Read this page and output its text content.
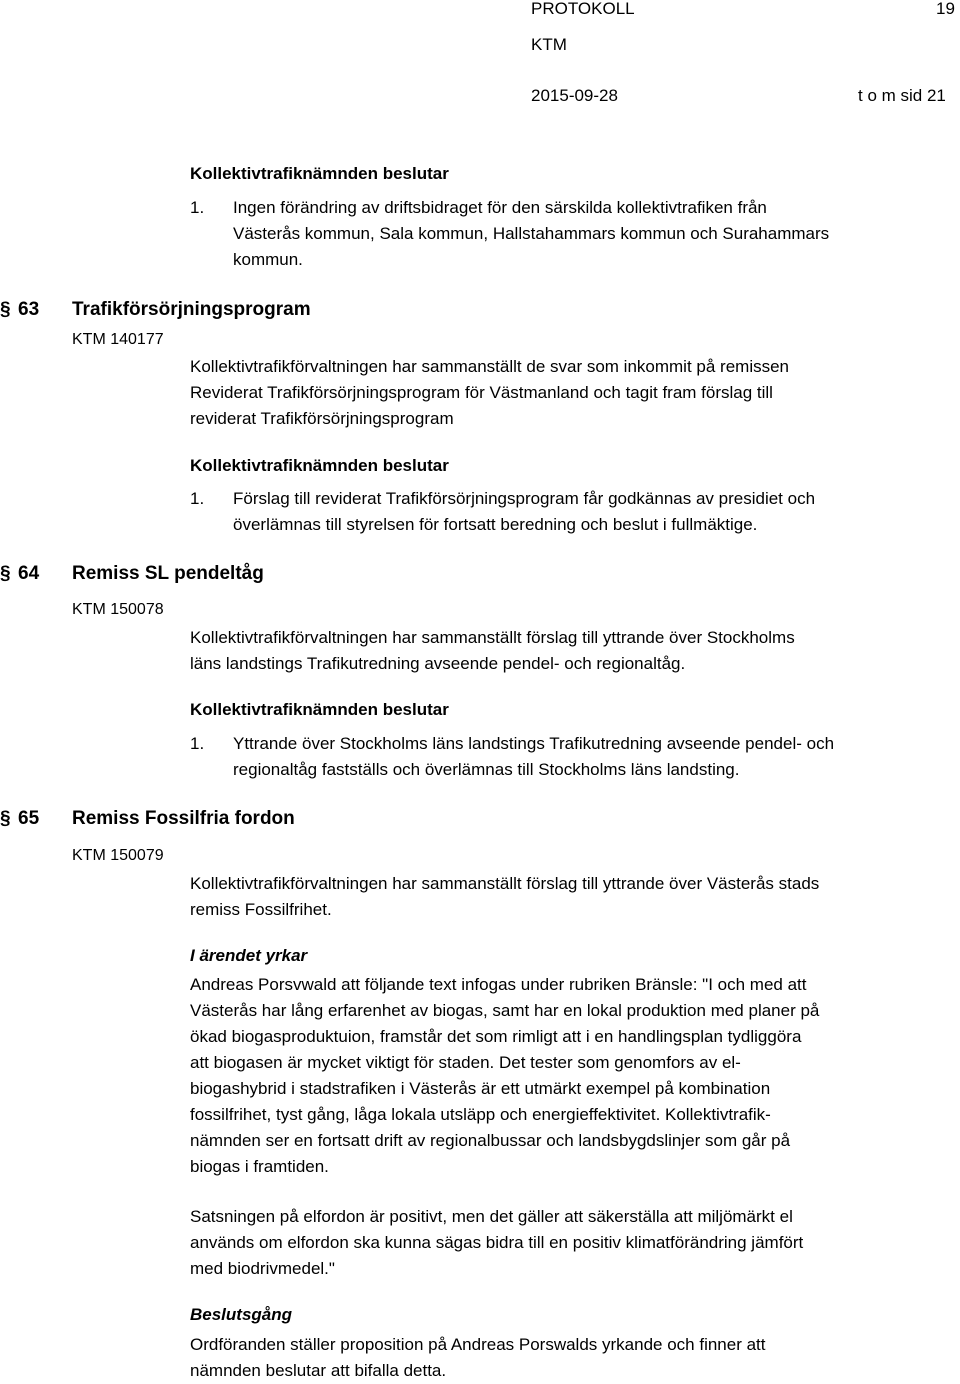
PROTOKOLL	19
KTM
2015-09-28	t o m sid 21
Kollektivtrafiknämnden beslutar
1. Ingen förändring av driftsbidraget för den särskilda kollektivtrafiken från
Västerås kommun, Sala kommun, Hallstahammars kommun och Surahammars
kommun.
§ 63 Trafikförsörjningsprogram
KTM 140177
Kollektivtrafikförvaltningen har sammanställt de svar som inkommit på remissen
Reviderat Trafikförsörjningsprogram för Västmanland och tagit fram förslag till
reviderat Trafikförsörjningsprogram
Kollektivtrafiknämnden beslutar
1. Förslag till reviderat Trafikförsörjningsprogram får godkännas av presidiet och
överlämnas till styrelsen för fortsatt beredning och beslut i fullmäktige.
§ 64 Remiss SL pendeltåg
KTM 150078
Kollektivtrafikförvaltningen har sammanställt förslag till yttrande över Stockholms
läns landstings Trafikutredning avseende pendel- och regionaltåg.
Kollektivtrafiknämnden beslutar
1. Yttrande över Stockholms läns landstings Trafikutredning avseende pendel- och
regionaltåg fastställs och överlämnas till Stockholms läns landsting.
§ 65 Remiss Fossilfria fordon
KTM 150079
Kollektivtrafikförvaltningen har sammanställt förslag till yttrande över Västerås stads
remiss Fossilfrihet.
I ärendet yrkar
Andreas Porsvwald att följande text infogas under rubriken Bränsle: "I och med att
Västerås har lång erfarenhet av biogas, samt har en lokal produktion med planer på
ökad biogasproduktuion, framstår det som rimligt att i en handlingsplan tydliggöra
att biogasen är mycket viktigt för staden. Det tester som genomfors av el-
biogashybrid i stadstrafiken i Västerås är ett utmärkt exempel på kombination
fossilfrihet, tyst gång, låga lokala utsläpp och energieffektivitet. Kollektivtrafik-
nämnden ser en fortsatt drift av regionalbussar och landsbygdslinjer som går på
biogas i framtiden.
Satsningen på elfordon är positivt, men det gäller att säkerställa att miljömärkt el
används om elfordon ska kunna sägas bidra till en positiv klimatförändring jämfört
med biodrivmedel."
Beslutsgång
Ordföranden ställer proposition på Andreas Porswalds yrkande och finner att
nämnden beslutar att bifalla detta.
